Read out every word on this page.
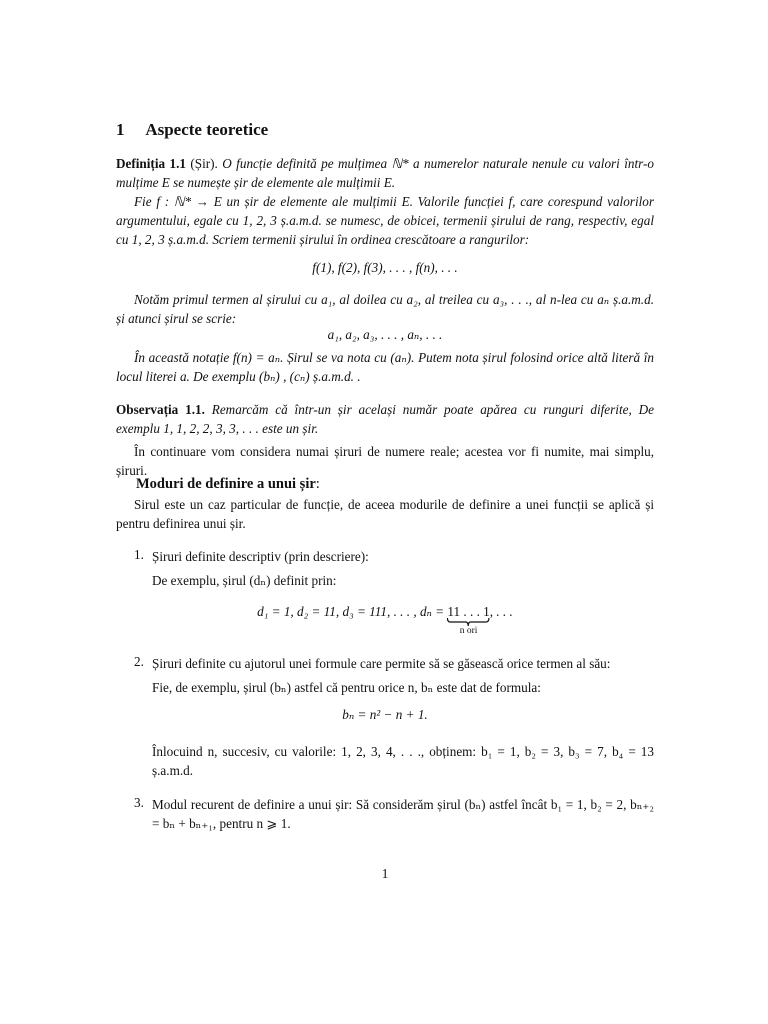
1 Aspecte teoretice
Definiția 1.1 (Șir). O funcție definită pe mulțimea ℕ* a numerelor naturale nenule cu valori într-o mulțime E se numește șir de elemente ale mulțimii E.
Fie f : ℕ* → E un șir de elemente ale mulțimii E. Valorile funcției f, care corespund valorilor argumentului, egale cu 1, 2, 3 ș.a.m.d. se numesc, de obicei, termenii șirului de rang, respectiv, egal cu 1, 2, 3 ș.a.m.d. Scriem termenii șirului în ordinea crescătoare a rangurilor:
f(1), f(2), f(3), . . . , f(n), . . .
Notăm primul termen al șirului cu a₁, al doilea cu a₂, al treilea cu a₃, . . ., al n-lea cu aₙ ș.a.m.d. și atunci șirul se scrie:
a₁, a₂, a₃, . . . , aₙ, . . .
În această notație f(n) = aₙ. Șirul se va nota cu (aₙ). Putem nota șirul folosind orice altă literă în locul literei a. De exemplu (bₙ) , (cₙ) ș.a.m.d. .
Observația 1.1. Remarcăm că într-un șir același număr poate apărea cu runguri diferite, De exemplu 1, 1, 2, 2, 3, 3, . . . este un șir.
În continuare vom considera numai șiruri de numere reale; acestea vor fi numite, mai simplu, șiruri.
Moduri de definire a unui șir:
Sirul este un caz particular de funcție, de aceea modurile de definire a unei funcții se aplică și pentru definirea unui șir.
1. Șiruri definite descriptiv (prin descriere):
De exemplu, șirul (dₙ) definit prin:
d₁ = 1, d₂ = 11, d₃ = 111, . . . , dₙ = 11 . . . 1
n ori
, . . .
2. Șiruri definite cu ajutorul unei formule care permite să se găsească orice termen al său:
Fie, de exemplu, șirul (bₙ) astfel că pentru orice n, bₙ este dat de formula:
bₙ = n² − n + 1.
Înlocuind n, succesiv, cu valorile: 1, 2, 3, 4, . . ., obținem: b₁ = 1, b₂ = 3, b₃ = 7, b₄ = 13 ș.a.m.d.
3. Modul recurent de definire a unui șir: Să considerăm șirul (bₙ) astfel încât b₁ = 1, b₂ = 2, bₙ₊₂ = bₙ + bₙ₊₁, pentru n ⩾ 1.
1
